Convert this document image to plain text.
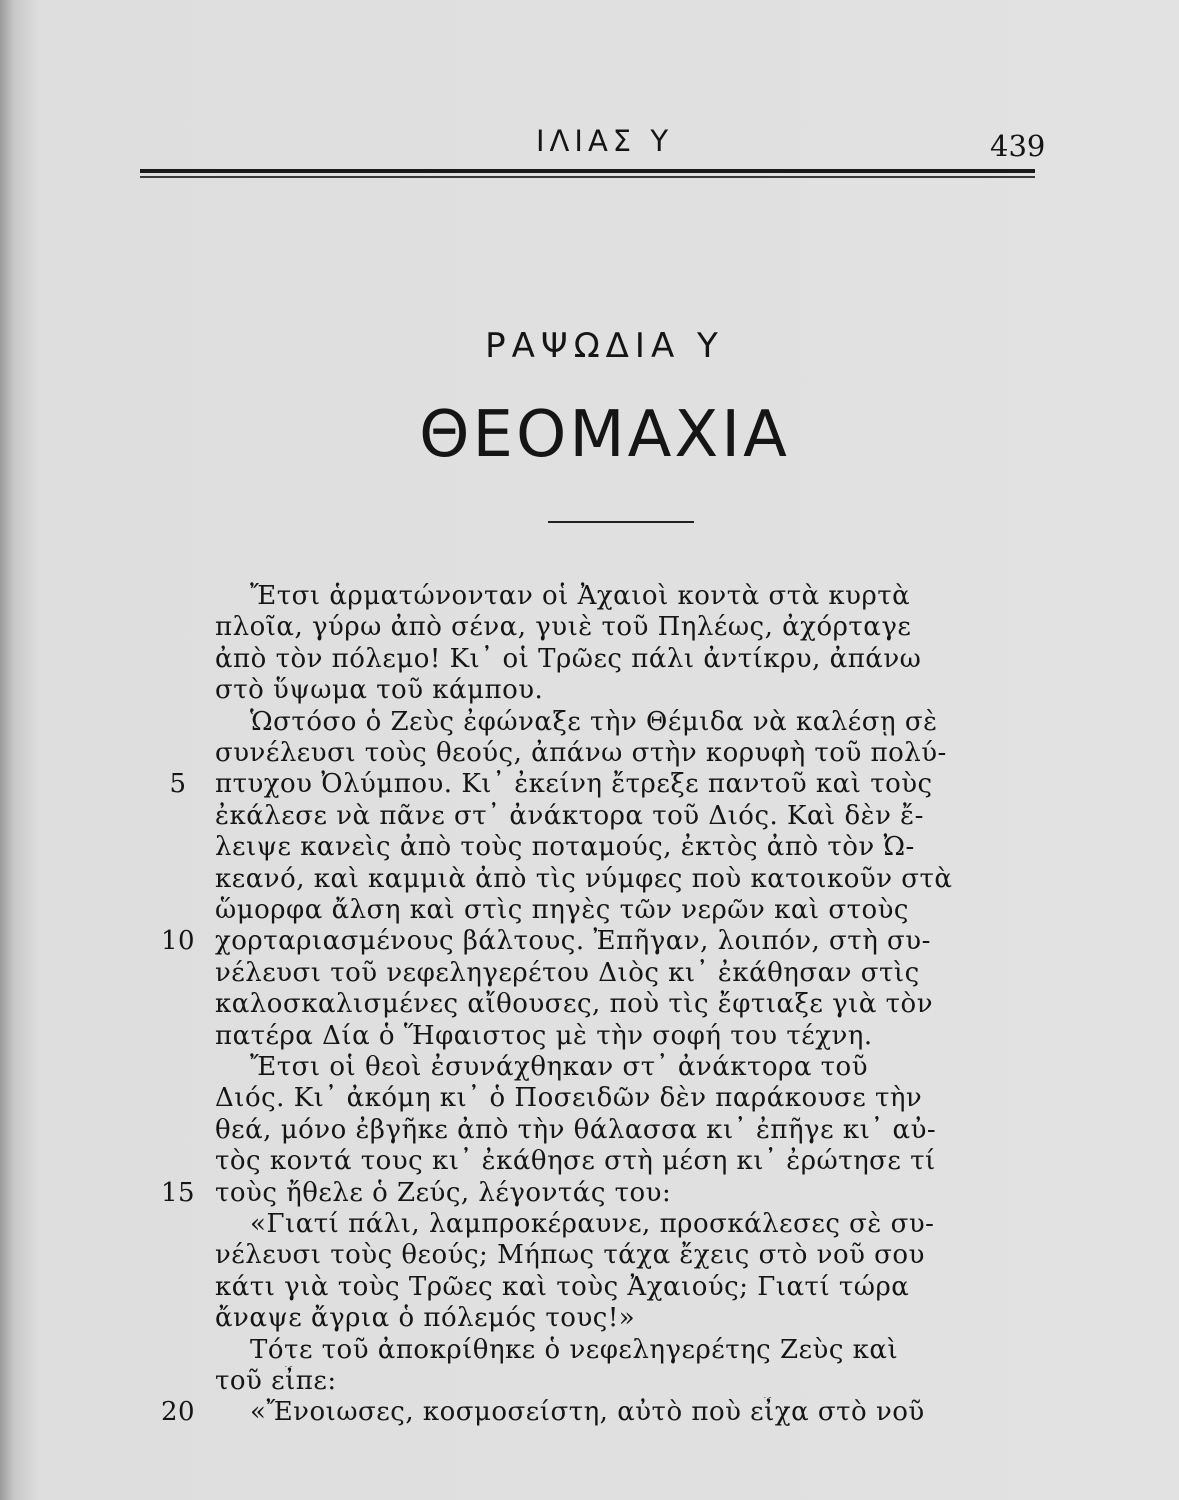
ΙΛΙΑΣ Υ	439
ΡΑΨΩΔΙΑ Υ
ΘΕΟΜΑΧΙΑ
Ἔτσι ἁρματώνονταν οἱ Ἀχαιοὶ κοντὰ στὰ κυρτὰ
πλοῖα, γύρω ἀπὸ σένα, γυιὲ τοῦ Πηλέως, ἀχόρταγε
ἀπὸ τὸν πόλεμο! Κι᾽ οἱ Τρῶες πάλι ἀντίκρυ, ἀπάνω
στὸ ὕψωμα τοῦ κάμπου.
Ὡστόσο ὁ Ζεὺς ἐφώναξε τὴν Θέμιδα νὰ καλέσῃ σὲ
συνέλευσι τοὺς θεούς, ἀπάνω στὴν κορυφὴ τοῦ πολύ-
5	πτυχου Ὀλύμπου. Κι᾽ ἐκείνη ἔτρεξε παντοῦ καὶ τοὺς
ἐκάλεσε νὰ πᾶνε στ᾽ ἀνάκτορα τοῦ Διός. Καὶ δὲν ἔ-
λειψε κανεὶς ἀπὸ τοὺς ποταμούς, ἐκτὸς ἀπὸ τὸν Ὠ-
κεανό, καὶ καμμιὰ ἀπὸ τὶς νύμφες ποὺ κατοικοῦν στὰ
ὥμορφα ἄλση καὶ στὶς πηγὲς τῶν νερῶν καὶ στοὺς
10 χορταριασμένους βάλτους. Ἐπῆγαν, λοιπόν, στὴ συ-
νέλευσι τοῦ νεφεληγερέτου Διὸς κι᾽ ἐκάθησαν στὶς
καλοσκαλισμένες αἴθουσες, ποὺ τὶς ἔφτιαξε γιὰ τὸν
πατέρα Δία ὁ Ἥφαιστος μὲ τὴν σοφή του τέχνη.
Ἔτσι οἱ θεοὶ ἐσυνάχθηκαν στ᾽ ἀνάκτορα τοῦ
Διός. Κι᾽ ἀκόμη κι᾽ ὁ Ποσειδῶν δὲν παράκουσε τὴν
θεά, μόνο ἐβγῆκε ἀπὸ τὴν θάλασσα κι᾽ ἐπῆγε κι᾽ αὐ-
τὸς κοντά τους κι᾽ ἐκάθησε στὴ μέση κι᾽ ἐρώτησε τί
15 τοὺς ἤθελε ὁ Ζεύς, λέγοντάς του:
«Γιατί πάλι, λαμπροκέραυνε, προσκάλεσες σὲ συ-
νέλευσι τοὺς θεούς; Μήπως τάχα ἔχεις στὸ νοῦ σου
κάτι γιὰ τοὺς Τρῶες καὶ τοὺς Ἀχαιούς; Γιατί τώρα
ἄναψε ἄγρια ὁ πόλεμός τους!»
Τότε τοῦ ἀποκρίθηκε ὁ νεφεληγερέτης Ζεὺς καὶ
τοῦ εἶπε:
20 «Ἔνοιωσες, κοσμοσείστη, αὐτὸ ποὺ εἶχα στὸ νοῦ
